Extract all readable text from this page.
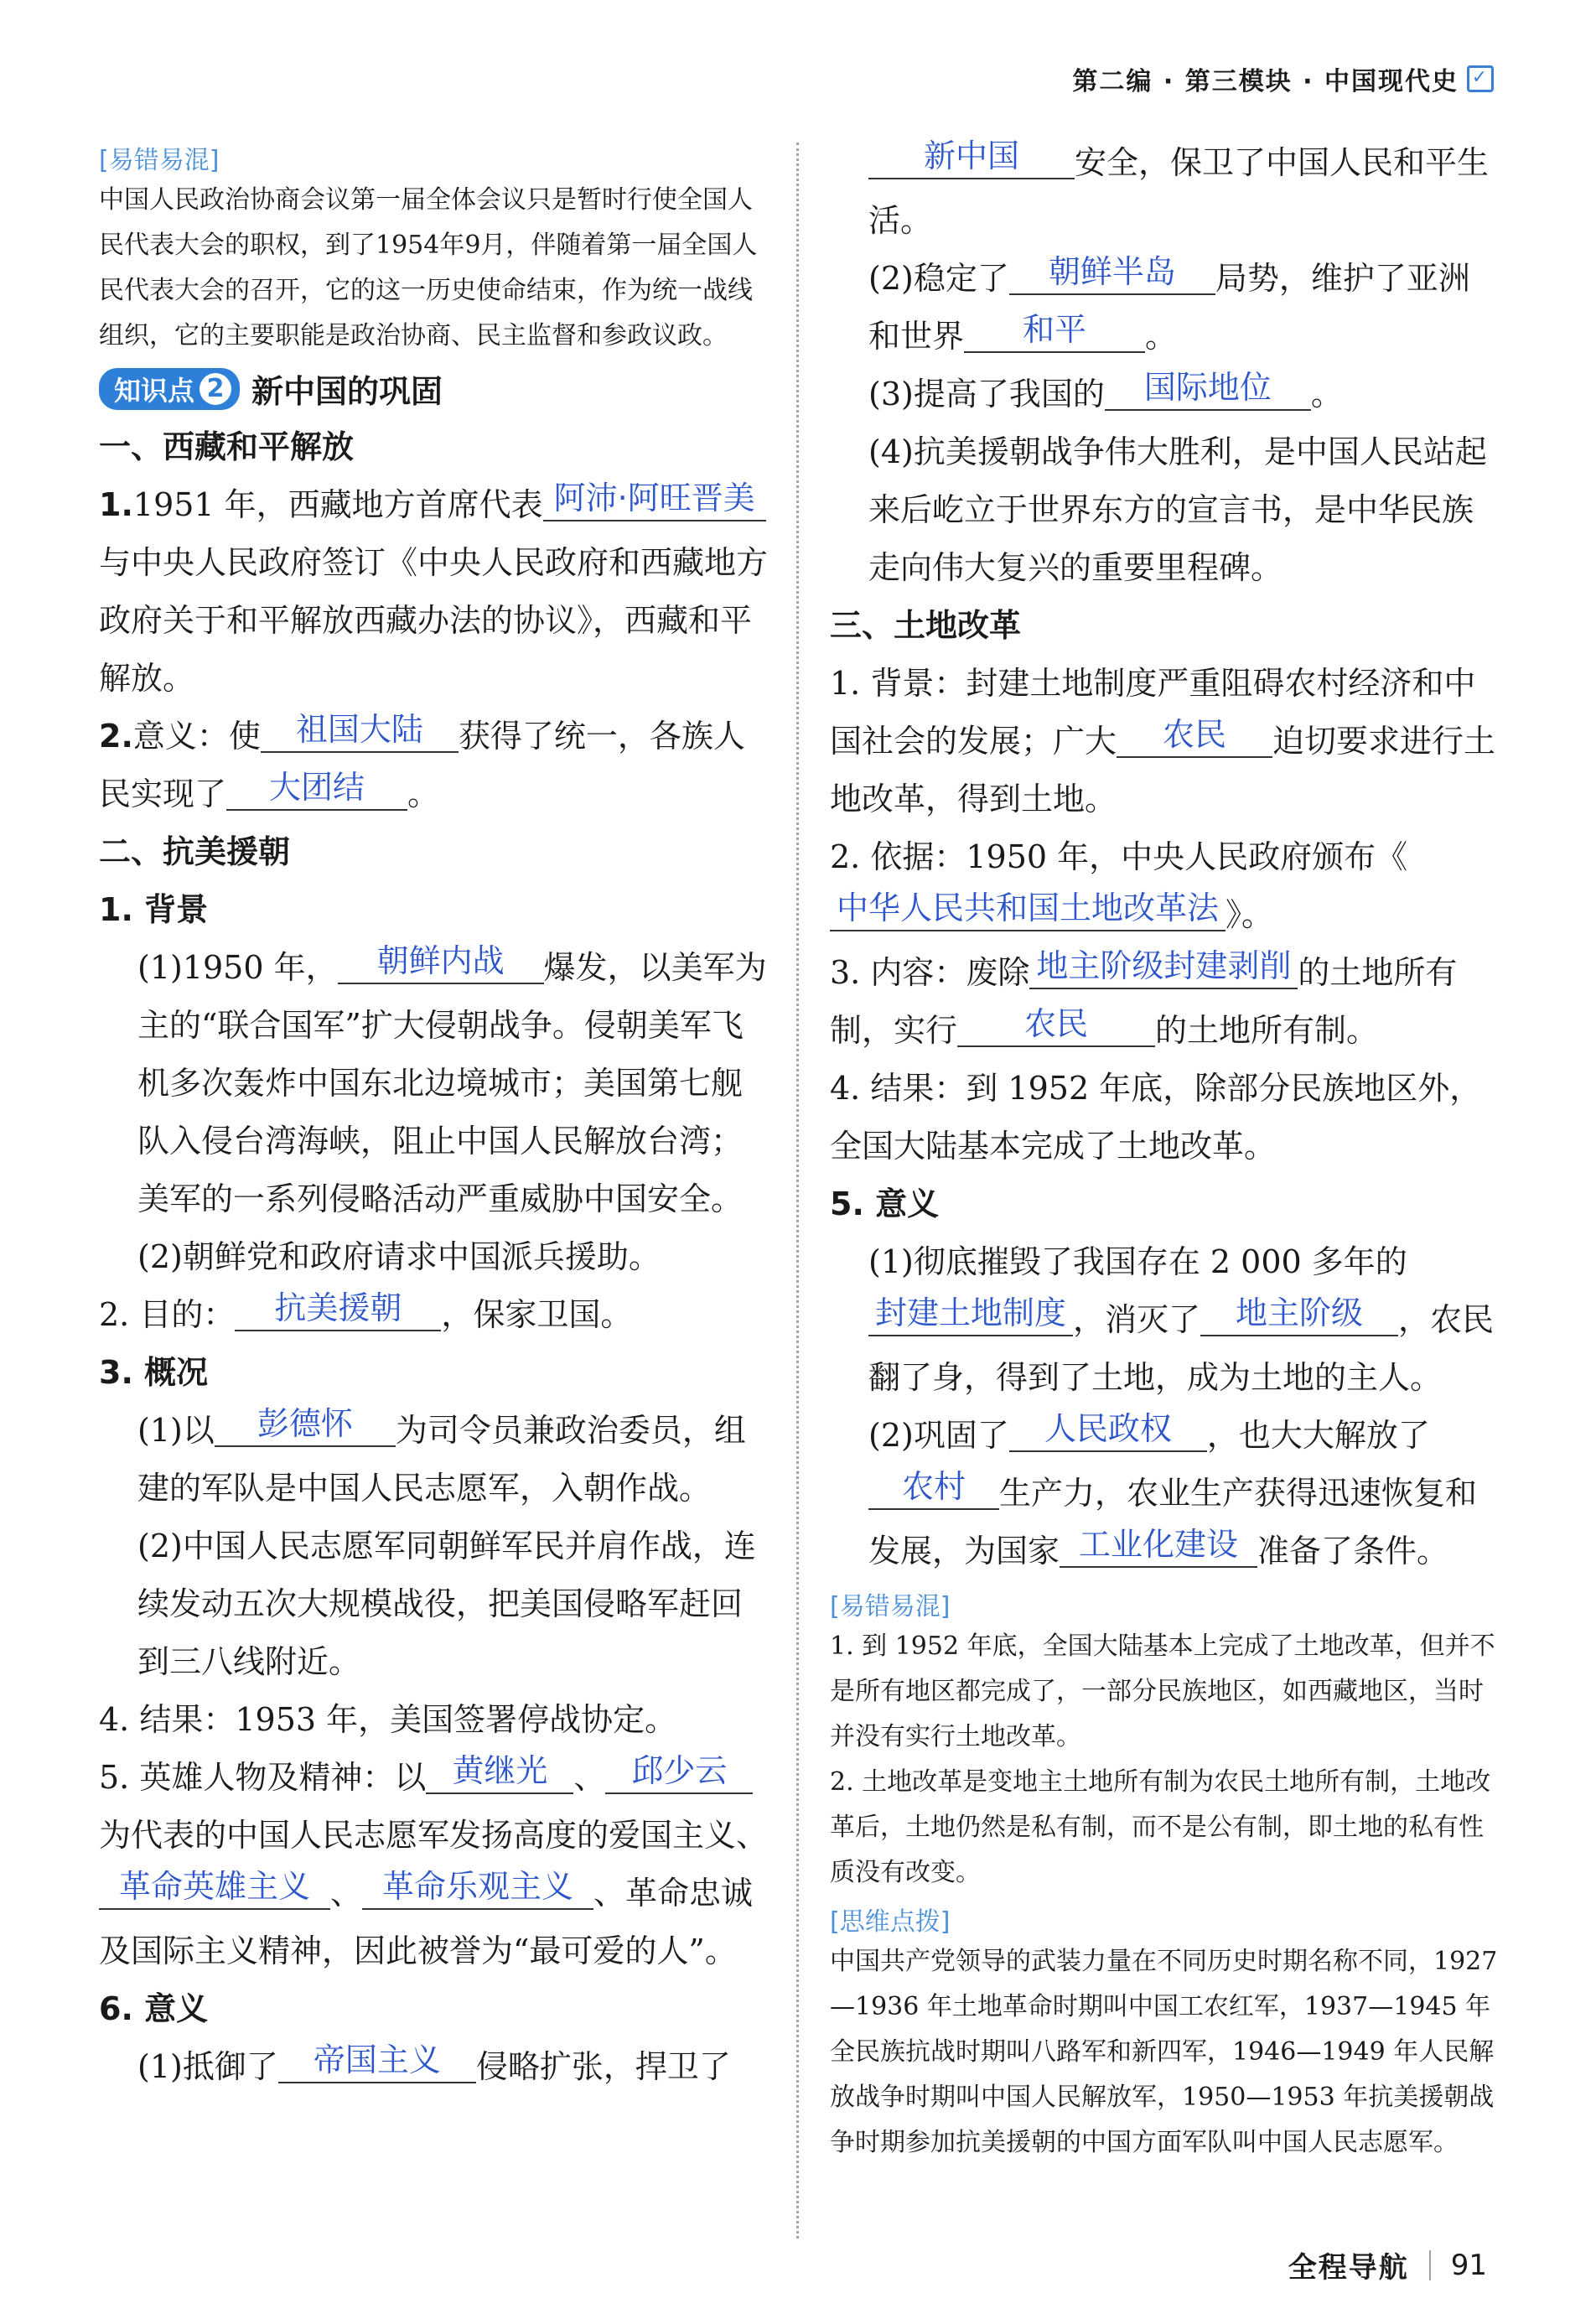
第二编 · 第三模块 · 中国现代史 ✓
[易错易混]
中国人民政治协商会议第一届全体会议只是暂时行使全国人民代表大会的职权，到了1954年9月，伴随着第一届全国人民代表大会的召开，它的这一历史使命结束，作为统一战线组织，它的主要职能是政治协商、民主监督和参政议政。
知识点 2 新中国的巩固
一、西藏和平解放
1.1951 年，西藏地方首席代表 阿沛·阿旺晋美与中央人民政府签订《中央人民政府和西藏地方政府关于和平解放西藏办法的协议》，西藏和平解放。
2.意义：使 祖国大陆 获得了统一，各族人民实现了 大团结 。
二、抗美援朝
1. 背景
(1)1950 年， 朝鲜内战 爆发，以美军为主的“联合国军”扩大侵朝战争。侵朝美军飞机多次轰炸中国东北边境城市；美国第七舰队入侵台湾海峡，阻止中国人民解放台湾；美军的一系列侵略活动严重威胁中国安全。
(2)朝鲜党和政府请求中国派兵援助。
2. 目的： 抗美援朝 ，保家卫国。
3. 概况
(1)以 彭德怀 为司令员兼政治委员，组建的军队是中国人民志愿军，入朝作战。
(2)中国人民志愿军同朝鲜军民并肩作战，连续发动五次大规模战役，把美国侵略军赶回到三八线附近。
4. 结果：1953 年，美国签署停战协定。
5. 英雄人物及精神：以 黄继光 、 邱少云为代表的中国人民志愿军发扬高度的爱国主义、革命英雄主义 、 革命乐观主义 、革命忠诚及国际主义精神，因此被誉为“最可爱的人”。
6. 意义
(1)抵御了 帝国主义 侵略扩张，捍卫了
新中国 安全，保卫了中国人民和平生活。
(2)稳定了 朝鲜半岛 局势，维护了亚洲和世界 和平 。
(3)提高了我国的 国际地位 。
(4)抗美援朝战争伟大胜利，是中国人民站起来后屹立于世界东方的宣言书，是中华民族走向伟大复兴的重要里程碑。
三、土地改革
1. 背景：封建土地制度严重阻碍农村经济和中国社会的发展；广大 农民 迫切要求进行土地改革，得到土地。
2. 依据：1950 年，中央人民政府颁布《中华人民共和国土地改革法 》。
3. 内容：废除 地主阶级封建剥削 的土地所有制，实行 农民 的土地所有制。
4. 结果：到 1952 年底，除部分民族地区外，全国大陆基本完成了土地改革。
5. 意义
(1)彻底摧毁了我国存在 2 000 多年的封建土地制度 ，消灭了 地主阶级 ，农民翻了身，得到了土地，成为土地的主人。
(2)巩固了 人民政权 ，也大大解放了农村 生产力，农业生产获得迅速恢复和发展，为国家 工业化建设 准备了条件。
[易错易混]
1. 到 1952 年底，全国大陆基本上完成了土地改革，但并不是所有地区都完成了，一部分民族地区，如西藏地区，当时并没有实行土地改革。
2. 土地改革是变地主土地所有制为农民土地所有制，土地改革后，土地仍然是私有制，而不是公有制，即土地的私有性质没有改变。
[思维点拨]
中国共产党领导的武装力量在不同历史时期名称不同，1927—1936 年土地革命时期叫中国工农红军，1937—1945 年全民族抗战时期叫八路军和新四军，1946—1949 年人民解放战争时期叫中国人民解放军，1950—1953 年抗美援朝战争时期参加抗美援朝的中国方面军队叫中国人民志愿军。
全程导航 91
